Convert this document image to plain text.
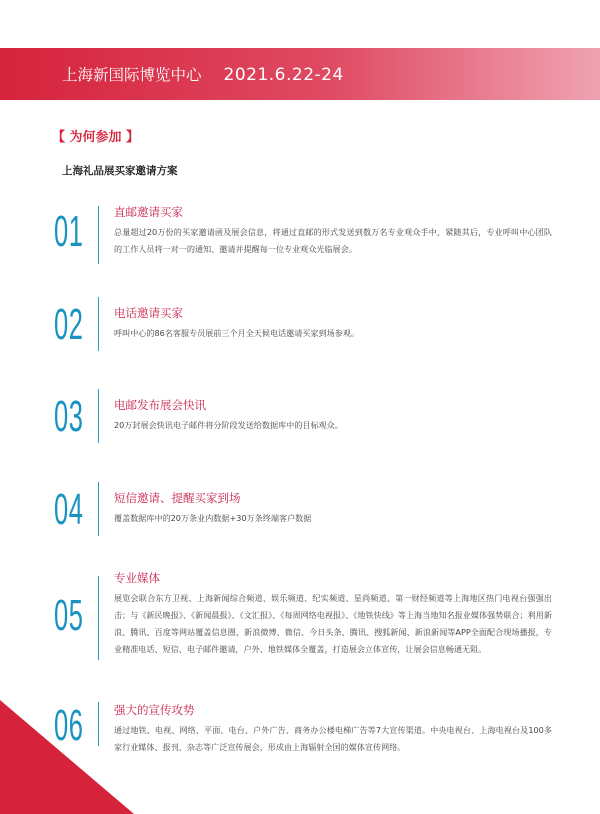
上海新国际博览中心 2021.6.22-24
【 为何参加 】
上海礼品展买家邀请方案
01	直邮邀请买家
总量超过20万份的买家邀请函及展会信息，将通过直邮的形式发送到数万名专业观众手中，紧随其后，专业呼叫中心团队的工作人员将一对一的通知、邀请并提醒每一位专业观众光临展会。
02	电话邀请买家
呼叫中心的86名客服专员展前三个月全天候电话邀请买家到场参观。
03	电邮发布展会快讯
20万封展会快讯电子邮件将分阶段发送给数据库中的目标观众。
04	短信邀请、提醒买家到场
覆盖数据库中的20万条业内数据+30万条终端客户数据
05
专业媒体
展览会联合东方卫视、上海新闻综合频道、娱乐频道、纪实频道、星尚频道、第一财经频道等上海地区热门电视台强强出击；与《新民晚报》、《新闻晨报》、《文汇报》、《每周网络电视报》、《地铁快线》等上海当地知名报业媒体强势联合；利用新浪、腾讯、百度等网站覆盖信息圈，新浪微博、微信、今日头条、腾讯、搜狐新闻、新浪新闻等APP全面配合现场播报，专业精准电话、短信、电子邮件邀请，户外、地铁媒体全覆盖，打造展会立体宣传，让展会信息畅通无阻。
06	强大的宣传攻势
通过地铁、电视、网络、平面、电台、户外广告、商务办公楼电梯广告等7大宣传渠道。中央电视台、上海电视台及100多家行业媒体、报刊、杂志等广泛宣传展会，形成由上海辐射全国的媒体宣传网络。
